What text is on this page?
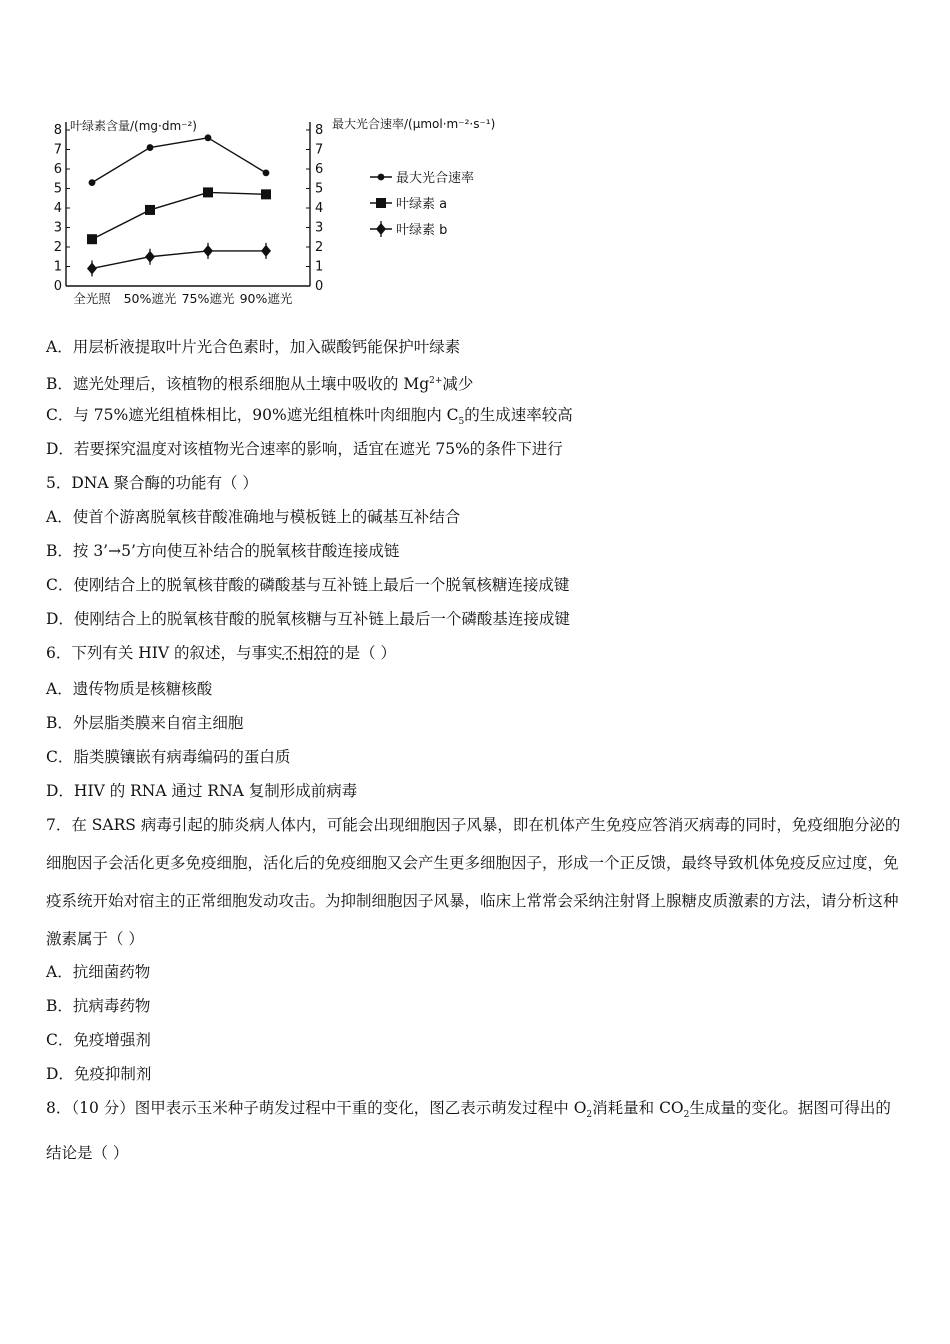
叶绿素含量/(mg·dm⁻²)	最大光合速率/(μmol·m⁻²·s⁻¹)
0
1
2
3
4
5
6
7
8
0
1
2
3
4
5
6
7
8
全光照 50%遮光 75%遮光 90%遮光
最大光合速率
叶绿素 a
叶绿素 b
A．用层析液提取叶片光合色素时，加入碳酸钙能保护叶绿素
B．遮光处理后，该植物的根系细胞从土壤中吸收的 $Mg^{2+}$减少
C．与 75%遮光组植株相比，90%遮光组植株叶肉细胞内 $C_5$的生成速率较高
D．若要探究温度对该植物光合速率的影响，适宜在遮光 75%的条件下进行
5．DNA 聚合酶的功能有（ ）
A．使首个游离脱氧核苷酸准确地与模板链上的碱基互补结合
B．按 3’→5’方向使互补结合的脱氧核苷酸连接成链
C．使刚结合上的脱氧核苷酸的磷酸基与互补链上最后一个脱氧核糖连接成键
D．使刚结合上的脱氧核苷酸的脱氧核糖与互补链上最后一个磷酸基连接成键
6．下列有关 HIV 的叙述，与事实不相符的是（ ）
A．遗传物质是核糖核酸
B．外层脂类膜来自宿主细胞
C．脂类膜镶嵌有病毒编码的蛋白质
D．HIV 的 RNA 通过 RNA 复制形成前病毒
7．在 SARS 病毒引起的肺炎病人体内，可能会出现细胞因子风暴，即在机体产生免疫应答消灭病毒的同时，免疫细胞分泌的细胞因子会活化更多免疫细胞，活化后的免疫细胞又会产生更多细胞因子，形成一个正反馈，最终导致机体免疫反应过度，免疫系统开始对宿主的正常细胞发动攻击。为抑制细胞因子风暴，临床上常常会采纳注射肾上腺糖皮质激素的方法，请分析这种激素属于（ ）
A．抗细菌药物
B．抗病毒药物
C．免疫增强剂
D．免疫抑制剂
8．（10 分）图甲表示玉米种子萌发过程中干重的变化，图乙表示萌发过程中 $O_2$消耗量和 $CO_2$生成量的变化。据图可得出的结论是（ ）
